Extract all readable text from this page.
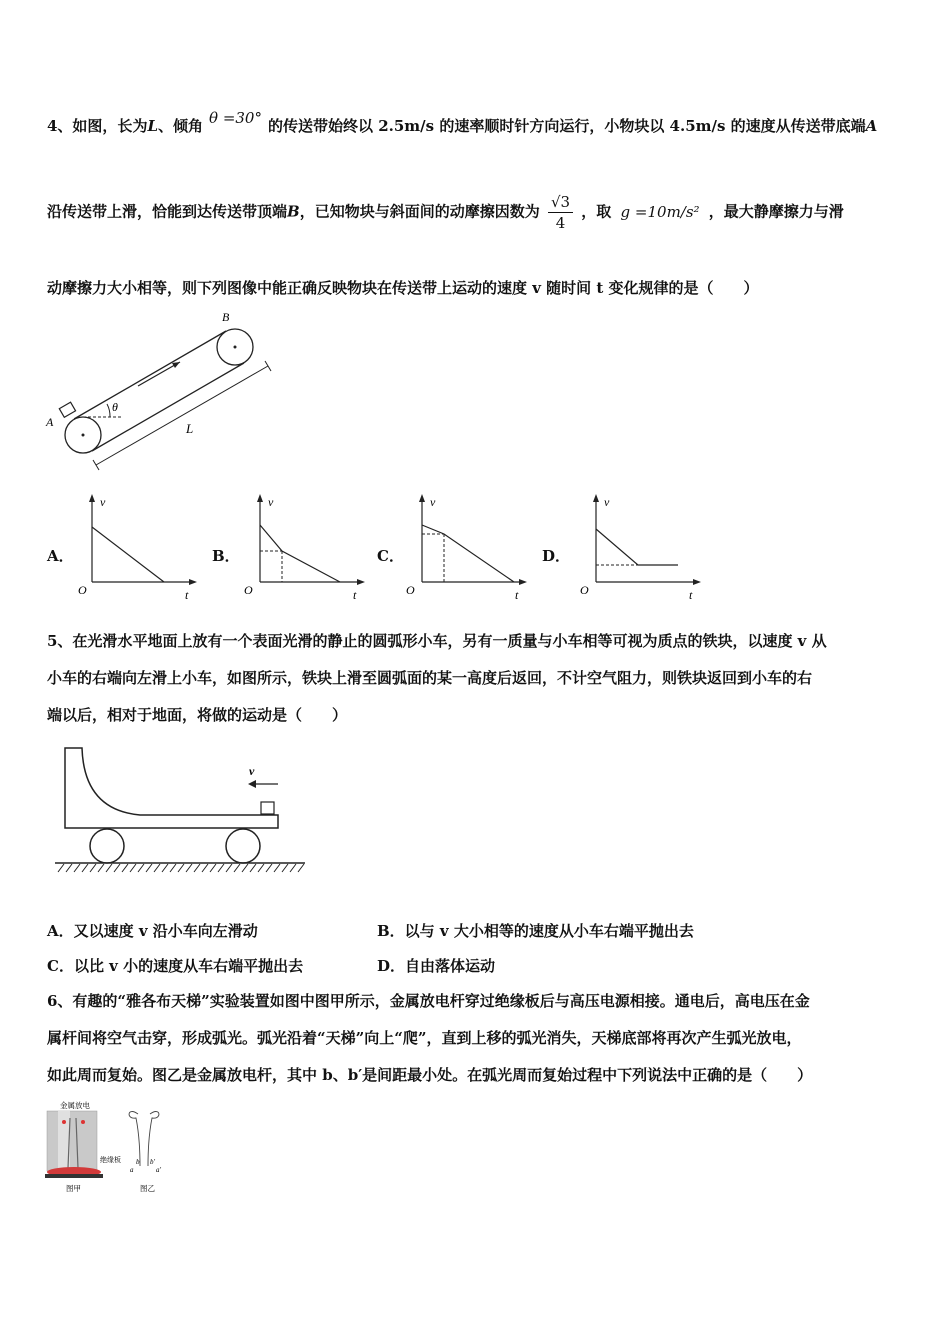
4、如图，长为L、倾角 θ =30° 的传送带始终以 2.5m/s 的速率顺时针方向运行，小物块以 4.5m/s 的速度从传送带底端A
沿传送带上滑，恰能到达传送带顶端B，已知物块与斜面间的动摩擦因数为 $\frac{√3}{4}$ ，取 g =10m/s² ，最大静摩擦力与滑
动摩擦力大小相等，则下列图像中能正确反映物块在传送带上运动的速度 v 随时间 t 变化规律的是（　　）
θ
L
A
B
A．
v
t
O
B．
v
t
O
C．
v
t
O
D．
v
t
O
5、在光滑水平地面上放有一个表面光滑的静止的圆弧形小车，另有一质量与小车相等可视为质点的铁块，以速度 v 从
小车的右端向左滑上小车，如图所示，铁块上滑至圆弧面的某一高度后返回，不计空气阻力，则铁块返回到小车的右
端以后，相对于地面，将做的运动是（　　）
v
A．又以速度 v 沿小车向左滑动	B．以与 v 大小相等的速度从小车右端平抛出去
C．以比 v 小的速度从车右端平抛出去	D．自由落体运动
6、有趣的“雅各布天梯”实验装置如图中图甲所示，金属放电杆穿过绝缘板后与高压电源相接。通电后，高电压在金
属杆间将空气击穿，形成弧光。弧光沿着“天梯”向上“爬”，直到上移的弧光消失，天梯底部将再次产生弧光放电，
如此周而复始。图乙是金属放电杆，其中 b、b′是间距最小处。在弧光周而复始过程中下列说法中正确的是（　　）
金属放电
绝缘板
图甲
b b′
a	a′
图乙
